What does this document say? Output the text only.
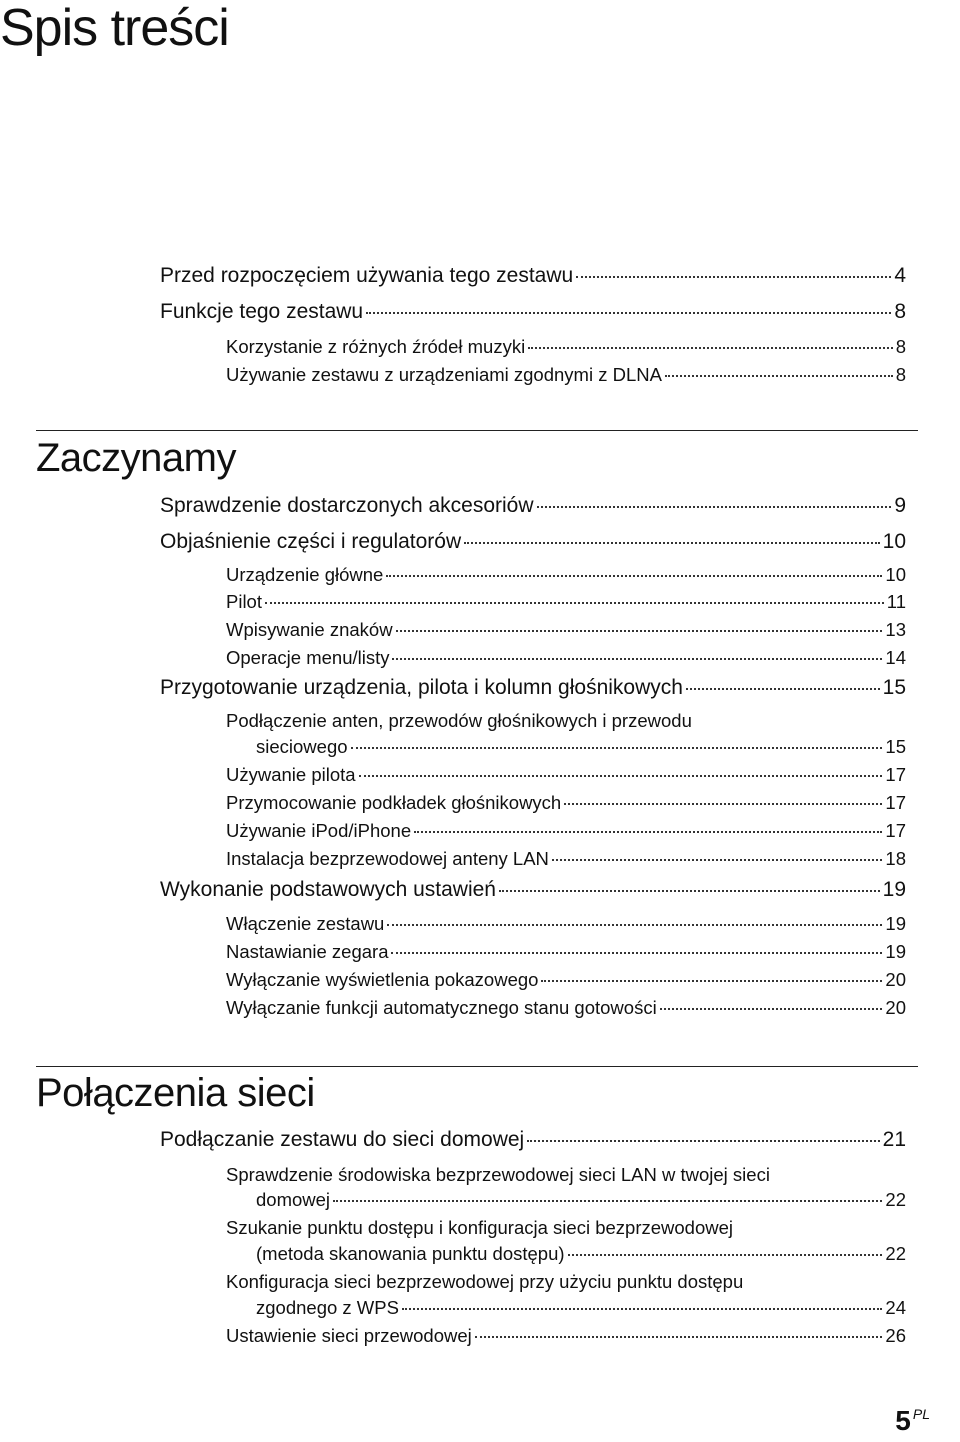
Spis treści
Przed rozpoczęciem używania tego zestawu	4
Funkcje tego zestawu	8
Korzystanie z różnych źródeł muzyki	8
Używanie zestawu z urządzeniami zgodnymi z DLNA	8
Zaczynamy
Sprawdzenie dostarczonych akcesoriów	9
Objaśnienie części i regulatorów	10
Urządzenie główne	10
Pilot	11
Wpisywanie znaków	13
Operacje menu/listy	14
Przygotowanie urządzenia, pilota i kolumn głośnikowych	15
Podłączenie anten, przewodów głośnikowych i przewodu
sieciowego	15
Używanie pilota	17
Przymocowanie podkładek głośnikowych	17
Używanie iPod/iPhone	17
Instalacja bezprzewodowej anteny LAN	18
Wykonanie podstawowych ustawień	19
Włączenie zestawu	19
Nastawianie zegara	19
Wyłączanie wyświetlenia pokazowego	20
Wyłączanie funkcji automatycznego stanu gotowości	20
Połączenia sieci
Podłączanie zestawu do sieci domowej	21
Sprawdzenie środowiska bezprzewodowej sieci LAN w twojej sieci
domowej	22
Szukanie punktu dostępu i konfiguracja sieci bezprzewodowej
(metoda skanowania punktu dostępu)	22
Konfiguracja sieci bezprzewodowej przy użyciu punktu dostępu
zgodnego z WPS	24
Ustawienie sieci przewodowej	26
5 PL
